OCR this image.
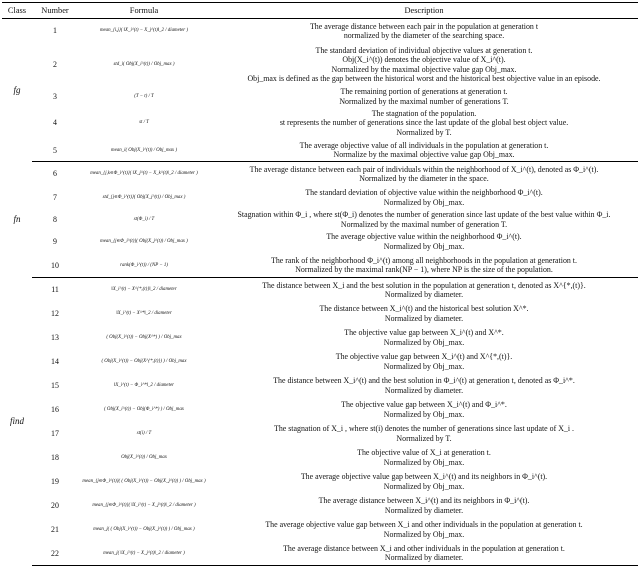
Class	Number	Formula	Description
fg	1	mean_{i,j}( ‖X_i^(t) − X_j^(t)‖_2 / diameter )	The average distance between each pair in the population at generation t
normalized by the diameter of the searching space.

	2	std_i( Obj(X_i^(t)) / Obj_max )	The standard deviation of individual objective values at generation t.
Obj(X_i^(t)) denotes the objective value of X_i^(t).
Normalized by the maximal objective value gap Obj_max.
Obj_max is defined as the gap between the historical worst and the historical best objective value in an episode.

	3	(T − t) / T	The remaining portion of generations at generation t.
Normalized by the maximal number of generations T.

	4	st / T	The stagnation of the population.
st represents the number of generations since the last update of the global best object value.
Normalized by T.

	5	mean_i( Obj(X_i^(t)) / Obj_max )	The average objective value of all individuals in the population at generation t.
Normalize by the maximal objective value gap Obj_max.

fn	6	mean_{j,k∈Φ_i^(t)}( ‖X_j^(t) − X_k^(t)‖_2 / diameter )	The average distance between each pair of individuals within the neighborhood of X_i^(t), denoted as Φ_i^(t).
Normalized by the diameter in the space.

	7	std_{j∈Φ_i^(t)}( Obj(X_j^(t)) / Obj_max )	The standard deviation of objective value within the neighborhood Φ_i^(t).
Normalized by Obj_max.

	8	st(Φ_i) / T	Stagnation within Φ_i , where st(Φ_i) denotes the number of generation since last update of the best value within Φ_i.
Normalized by the maximal number of generation T.

	9	mean_{j∈Φ_i^(t)}( Obj(X_j^(t)) / Obj_max )	The average objective value within the neighborhood Φ_i^(t).
Normalized by Obj_max.

	10	rank(Φ_i^(t)) / (NP − 1)	The rank of the neighborhood Φ_i^(t) among all neighborhoods in the population at generation t.
Normalized by the maximal rank(NP − 1), where NP is the size of the population.

find	11	‖X_i^(t) − X^{*,(t)}‖_2 / diameter	The distance between X_i and the best solution in the population at generation t, denoted as X^{*,(t)}.
Normalized by diameter.

	12	‖X_i^(t) − X^*‖_2 / diameter	The distance between X_i^(t) and the historical best solution X^*.
Normalized by diameter.

	13	( Obj(X_i^(t)) − Obj(X^*) ) / Obj_max	The objective value gap between X_i^(t) and X^*.
Normalized by Obj_max.

	14	( Obj(X_i^(t)) − Obj(X^{*,(t)}) ) / Obj_max	The objective value gap between X_i^(t) and X^{*,(t)}.
Normalized by Obj_max.

	15	‖X_i^(t) − Φ_i^*‖_2 / diameter	The distance between X_i^(t) and the best solution in Φ_i^(t) at generation t, denoted as Φ_i^*.
Normalized by diameter.

	16	( Obj(X_i^(t)) − Obj(Φ_i^*) ) / Obj_max	The objective value gap between X_i^(t) and Φ_i^*.
Normalized by Obj_max.

	17	st(i) / T	The stagnation of X_i , where st(i) denotes the number of generations since last update of X_i .
Normalized by T.

	18	Obj(X_i^(t)) / Obj_max	The objective value of X_i at generation t.
Normalized by Obj_max.

	19	mean_{j∈Φ_i^(t)}( ( Obj(X_i^(t)) − Obj(X_j^(t)) ) / Obj_max )	The average objective value gap between X_i^(t) and its neighbors in Φ_i^(t).
Normalized by Obj_max.

	20	mean_{j∈Φ_i^(t)}( ‖X_i^(t) − X_j^(t)‖_2 / diameter )	The average distance between X_i^(t) and its neighbors in Φ_i^(t).
Normalized by diameter.

	21	mean_j( ( Obj(X_i^(t)) − Obj(X_j^(t)) ) / Obj_max )	The average objective value gap between X_i and other individuals in the population at generation t.
Normalized by Obj_max.

	22	mean_j( ‖X_i^(t) − X_j^(t)‖_2 / diameter )	The average distance between X_i and other individuals in the population at generation t.
Normalized by diameter.
